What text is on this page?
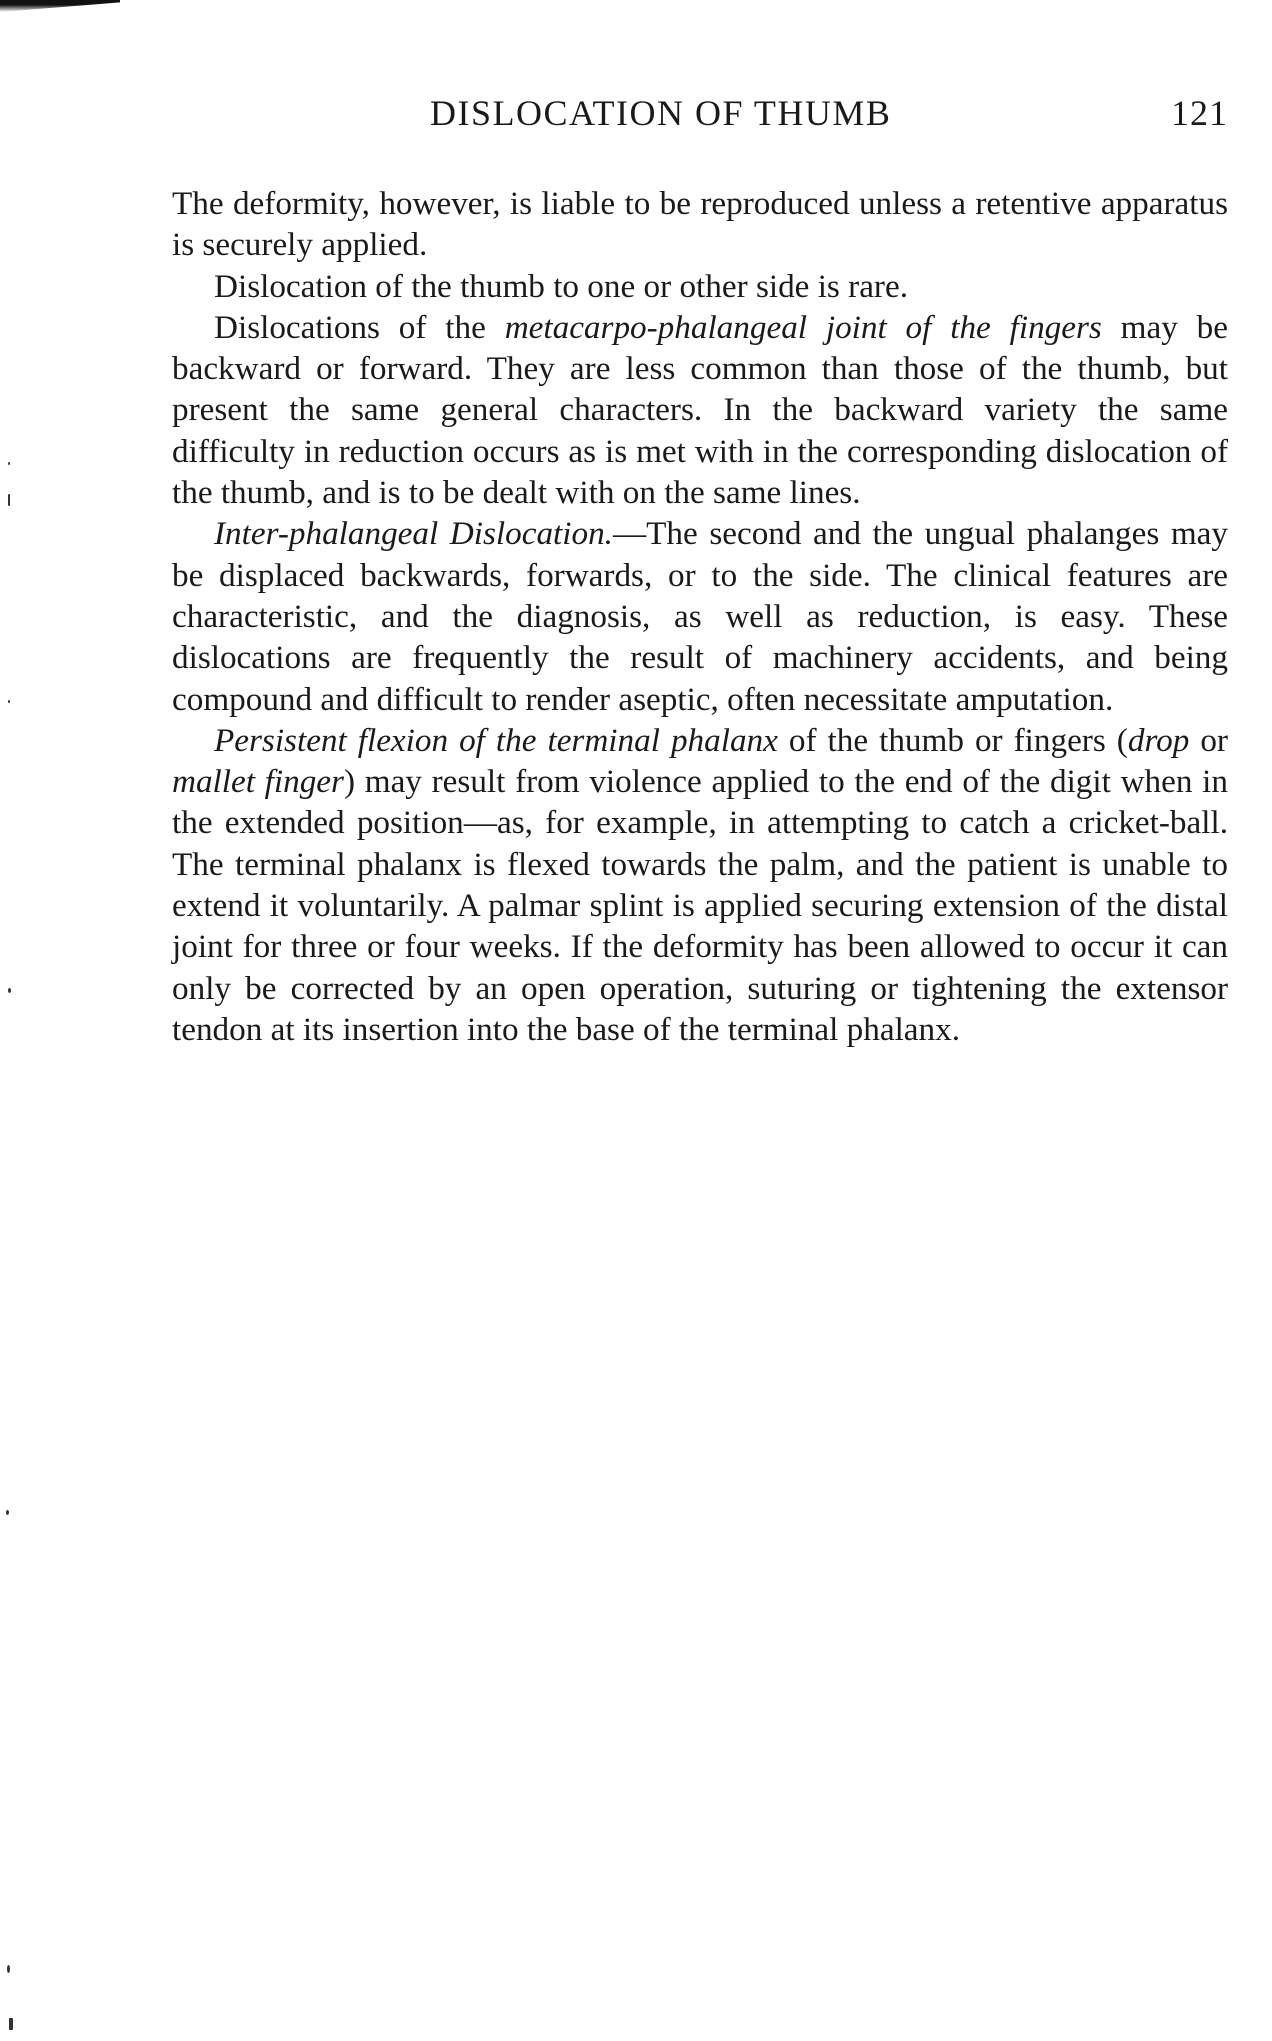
DISLOCATION OF THUMB	121

The deformity, however, is liable to be reproduced unless a retentive apparatus is securely applied.

Dislocation of the thumb to one or other side is rare.

Dislocations of the metacarpo-phalangeal joint of the fingers may be backward or forward. They are less common than those of the thumb, but present the same general characters. In the backward variety the same difficulty in reduction occurs as is met with in the corresponding dislocation of the thumb, and is to be dealt with on the same lines.

Inter-phalangeal Dislocation.—The second and the ungual phalanges may be displaced backwards, forwards, or to the side. The clinical features are characteristic, and the diagnosis, as well as reduction, is easy. These dislocations are frequently the result of machinery accidents, and being compound and difficult to render aseptic, often necessitate amputation.

Persistent flexion of the terminal phalanx of the thumb or fingers (drop or mallet finger) may result from violence applied to the end of the digit when in the extended position—as, for example, in attempting to catch a cricket-ball. The terminal phalanx is flexed towards the palm, and the patient is unable to extend it voluntarily. A palmar splint is applied securing extension of the distal joint for three or four weeks. If the deformity has been allowed to occur it can only be corrected by an open operation, suturing or tightening the extensor tendon at its insertion into the base of the terminal phalanx.
